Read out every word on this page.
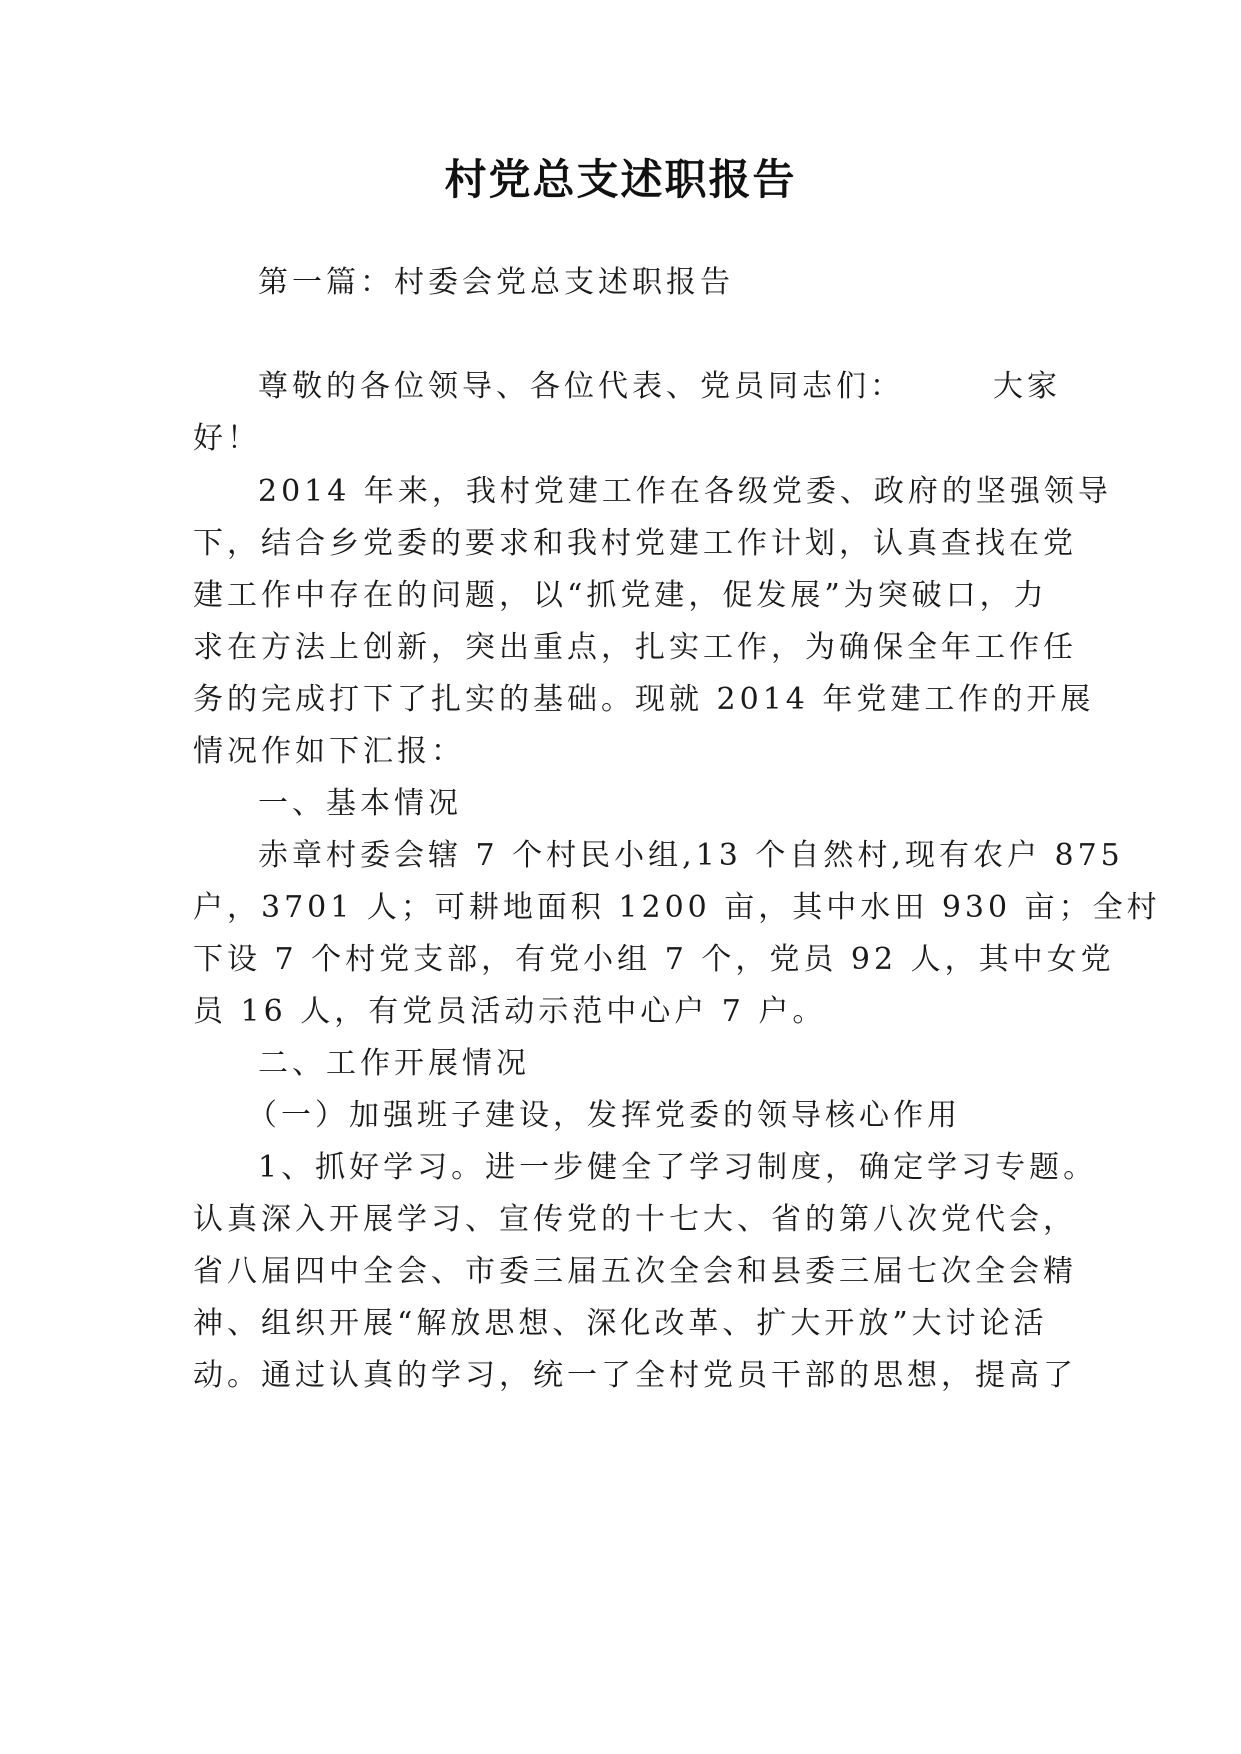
村党总支述职报告

第一篇：村委会党总支述职报告

尊敬的各位领导、各位代表、党员同志们：	大家

好！

2014 年来，我村党建工作在各级党委、政府的坚强领导

下，结合乡党委的要求和我村党建工作计划，认真查找在党

建工作中存在的问题，以“抓党建，促发展”为突破口，力

求在方法上创新，突出重点，扎实工作，为确保全年工作任

务的完成打下了扎实的基础。现就 2014 年党建工作的开展

情况作如下汇报：

一、基本情况

赤章村委会辖 7 个村民小组,13 个自然村,现有农户 875

户，3701 人；可耕地面积 1200 亩，其中水田 930 亩；全村

下设 7 个村党支部，有党小组 7 个，党员 92 人，其中女党

员 16 人，有党员活动示范中心户 7 户。

二、工作开展情况

（一）加强班子建设，发挥党委的领导核心作用

1、抓好学习。进一步健全了学习制度，确定学习专题。

认真深入开展学习、宣传党的十七大、省的第八次党代会，

省八届四中全会、市委三届五次全会和县委三届七次全会精

神、组织开展“解放思想、深化改革、扩大开放”大讨论活

动。通过认真的学习，统一了全村党员干部的思想，提高了
